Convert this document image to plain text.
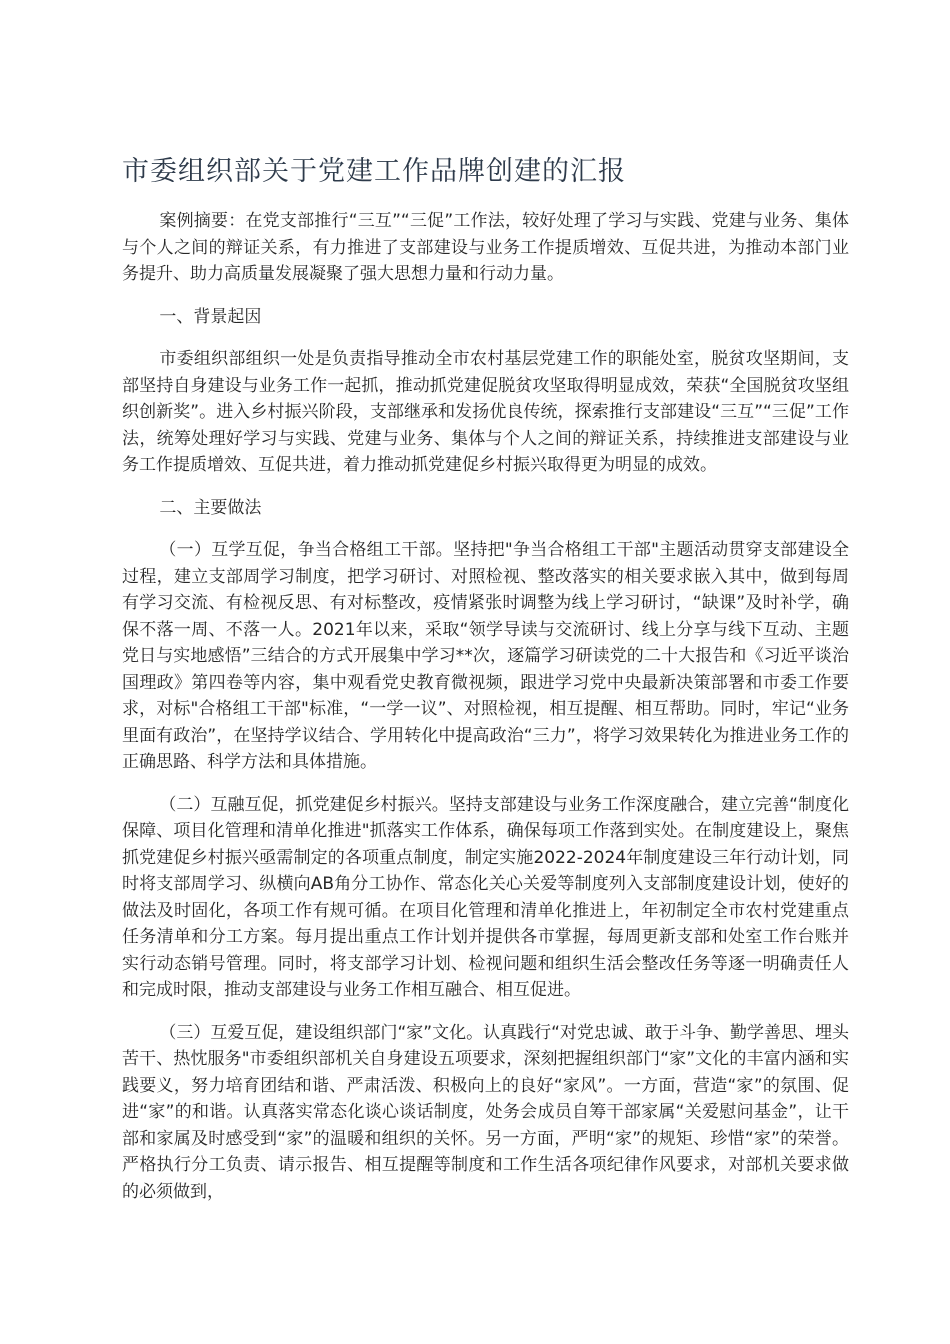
市委组织部关于党建工作品牌创建的汇报

案例摘要：在党支部推行“三互”“三促”工作法，较好处理了学习与实践、党建与业务、集体与个人之间的辩证关系，有力推进了支部建设与业务工作提质增效、互促共进，为推动本部门业务提升、助力高质量发展凝聚了强大思想力量和行动力量。

一、背景起因

市委组织部组织一处是负责指导推动全市农村基层党建工作的职能处室，脱贫攻坚期间，支部坚持自身建设与业务工作一起抓，推动抓党建促脱贫攻坚取得明显成效，荣获“全国脱贫攻坚组织创新奖”。进入乡村振兴阶段，支部继承和发扬优良传统，探索推行支部建设“三互”“三促”工作法，统筹处理好学习与实践、党建与业务、集体与个人之间的辩证关系，持续推进支部建设与业务工作提质增效、互促共进，着力推动抓党建促乡村振兴取得更为明显的成效。

二、主要做法

（一）互学互促，争当合格组工干部。坚持把"争当合格组工干部"主题活动贯穿支部建设全过程，建立支部周学习制度，把学习研讨、对照检视、整改落实的相关要求嵌入其中，做到每周有学习交流、有检视反思、有对标整改，疫情紧张时调整为线上学习研讨，“缺课”及时补学，确保不落一周、不落一人。2021年以来，采取“领学导读与交流研讨、线上分享与线下互动、主题党日与实地感悟”三结合的方式开展集中学习**次，逐篇学习研读党的二十大报告和《习近平谈治国理政》第四卷等内容，集中观看党史教育微视频，跟进学习党中央最新决策部署和市委工作要求，对标"合格组工干部"标准，“一学一议”、对照检视，相互提醒、相互帮助。同时，牢记“业务里面有政治”，在坚持学议结合、学用转化中提高政治“三力”，将学习效果转化为推进业务工作的正确思路、科学方法和具体措施。

（二）互融互促，抓党建促乡村振兴。坚持支部建设与业务工作深度融合，建立完善“制度化保障、项目化管理和清单化推进"抓落实工作体系，确保每项工作落到实处。在制度建设上，聚焦抓党建促乡村振兴亟需制定的各项重点制度，制定实施2022-2024年制度建设三年行动计划，同时将支部周学习、纵横向AB角分工协作、常态化关心关爱等制度列入支部制度建设计划，使好的做法及时固化，各项工作有规可循。在项目化管理和清单化推进上，年初制定全市农村党建重点任务清单和分工方案。每月提出重点工作计划并提供各市掌握，每周更新支部和处室工作台账并实行动态销号管理。同时，将支部学习计划、检视问题和组织生活会整改任务等逐一明确责任人和完成时限，推动支部建设与业务工作相互融合、相互促进。

（三）互爱互促，建设组织部门“家”文化。认真践行“对党忠诚、敢于斗争、勤学善思、埋头苦干、热忱服务"市委组织部机关自身建设五项要求，深刻把握组织部门“家”文化的丰富内涵和实践要义，努力培育团结和谐、严肃活泼、积极向上的良好“家风”。一方面，营造“家”的氛围、促进“家”的和谐。认真落实常态化谈心谈话制度，处务会成员自筹干部家属“关爱慰问基金”，让干部和家属及时感受到“家”的温暖和组织的关怀。另一方面，严明“家”的规矩、珍惜“家”的荣誉。严格执行分工负责、请示报告、相互提醒等制度和工作生活各项纪律作风要求，对部机关要求做的必须做到，
